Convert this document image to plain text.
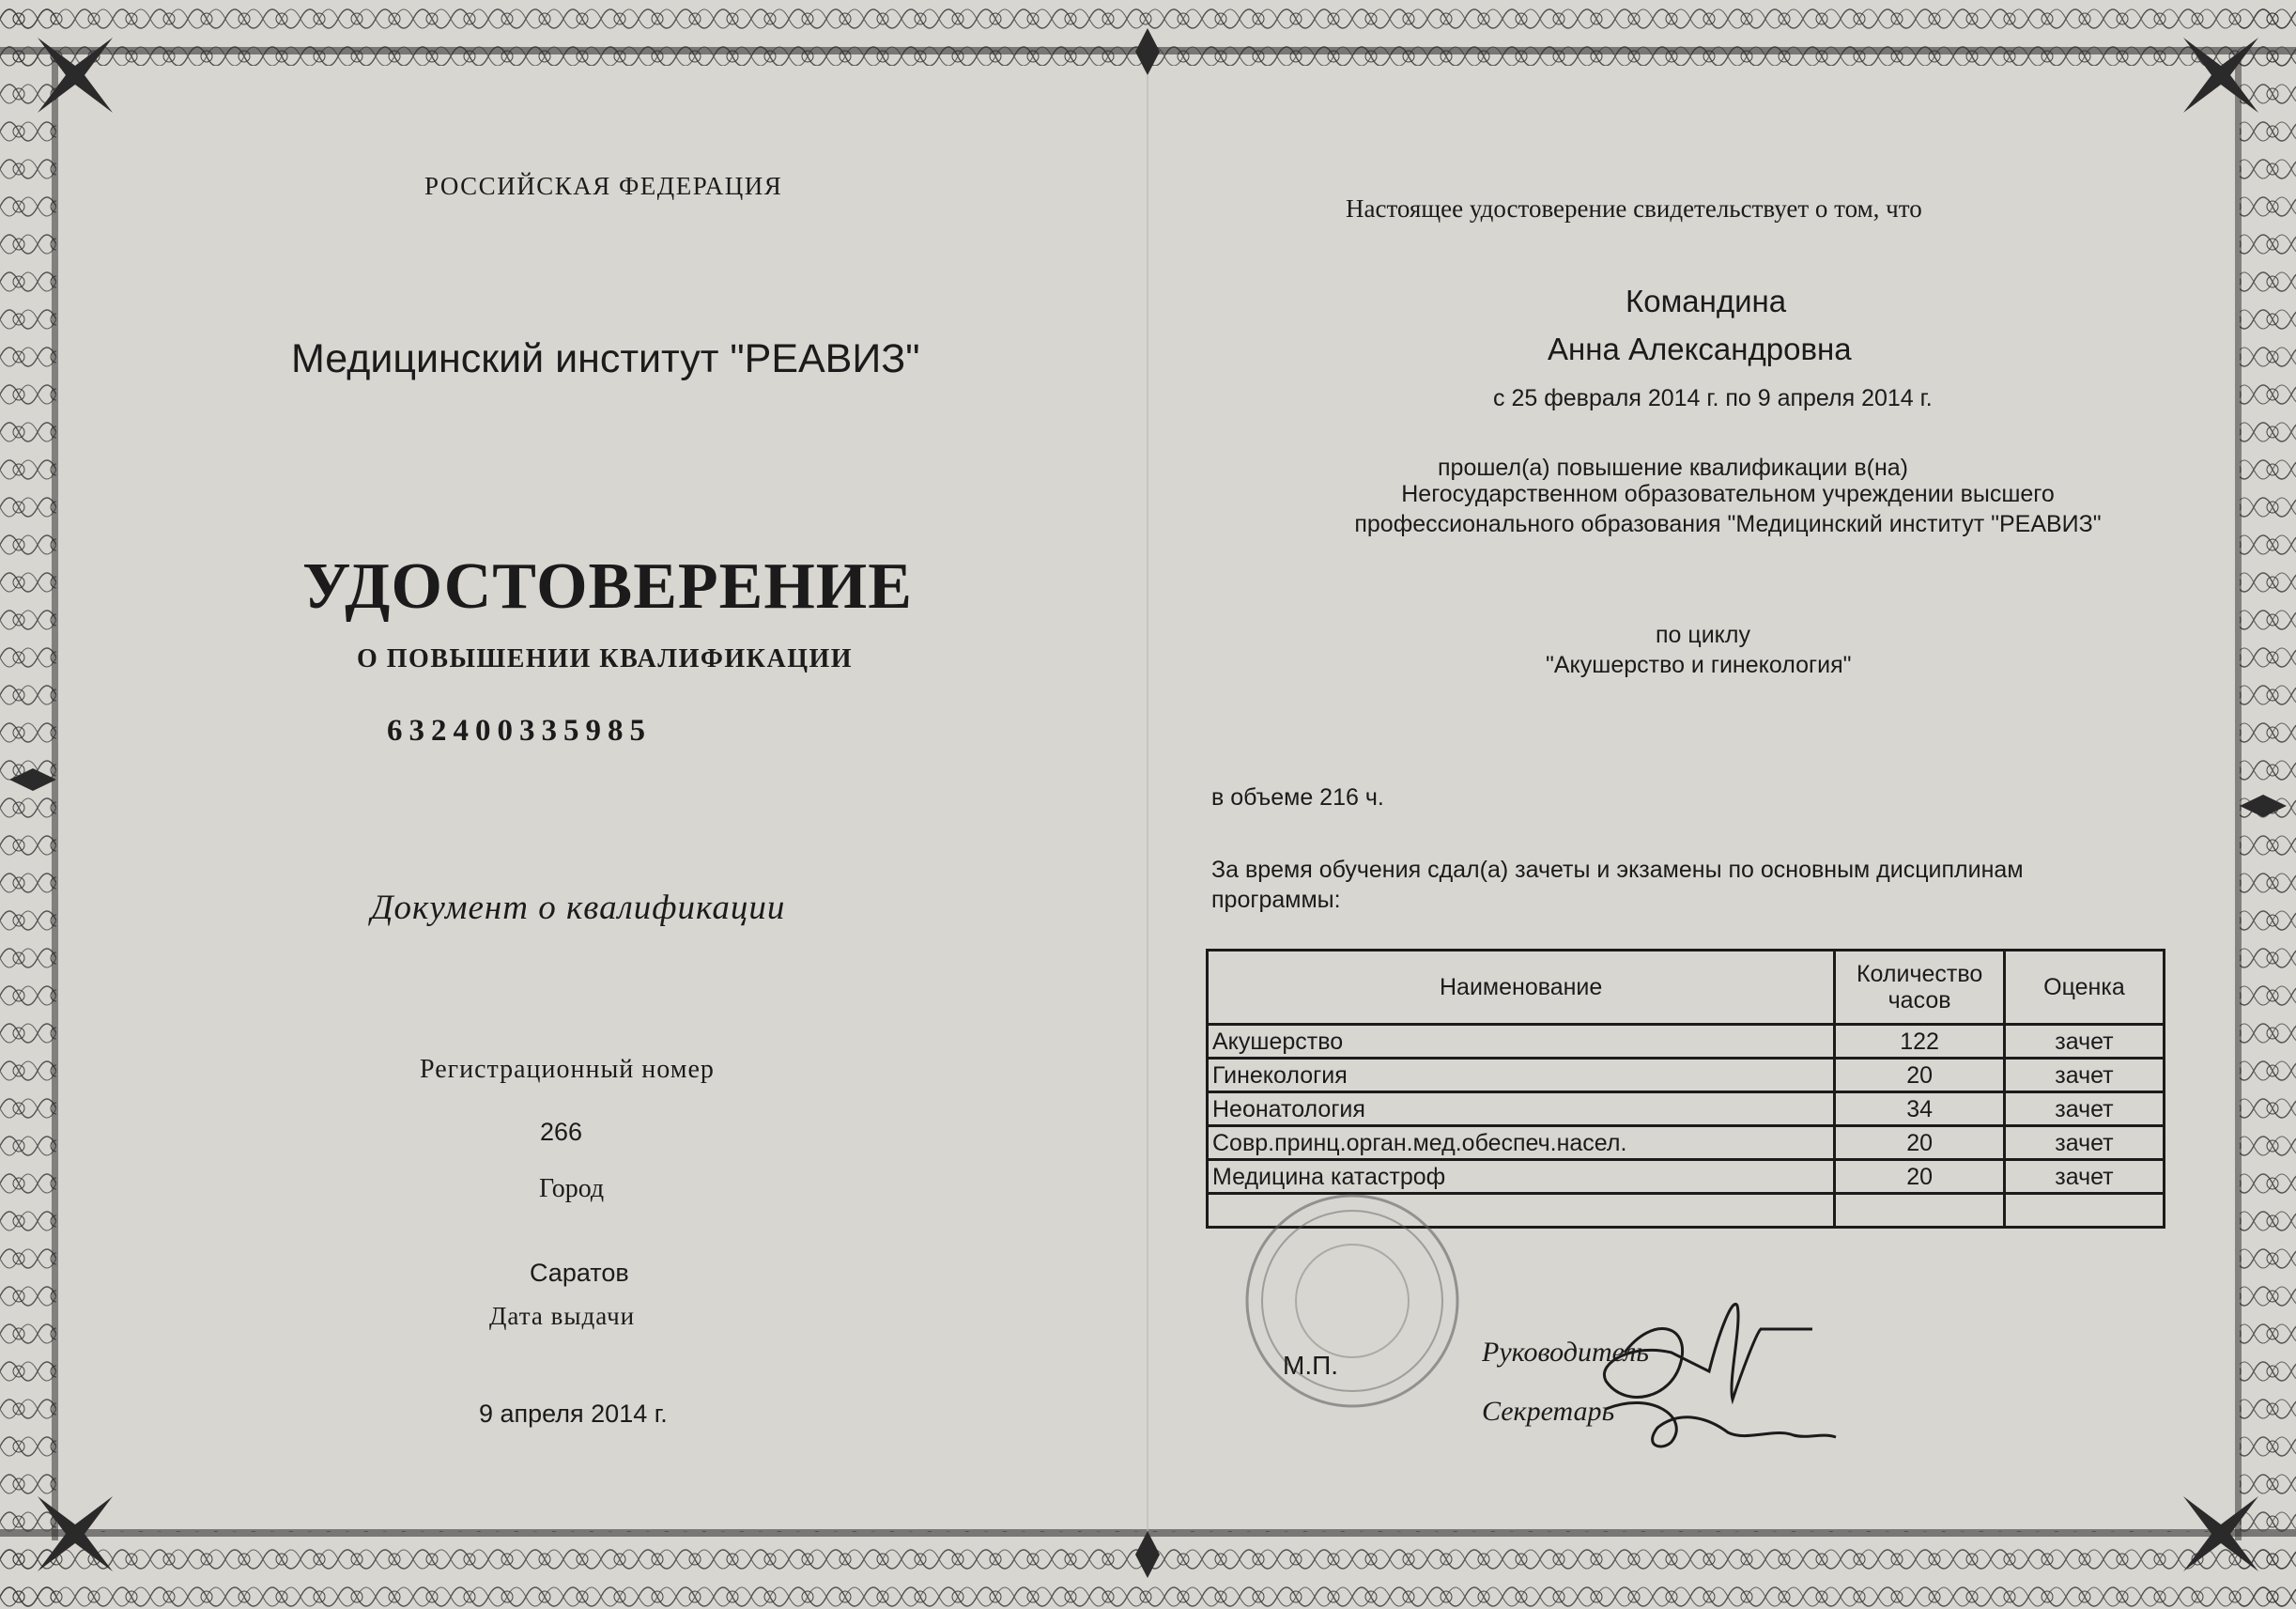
РОССИЙСКАЯ ФЕДЕРАЦИЯ
Медицинский институт "РЕАВИЗ"
УДОСТОВЕРЕНИЕ
О ПОВЫШЕНИИ КВАЛИФИКАЦИИ
632400335985
Документ о квалификации
Регистрационный номер
266
Город
Саратов
Дата выдачи
9 апреля 2014 г.
Настоящее удостоверение свидетельствует о том, что
Командина
Анна Александровна
с 25 февраля 2014 г. по 9 апреля 2014 г.
прошел(а) повышение квалификации в(на)
Негосударственном образовательном учреждении высшего профессионального образования "Медицинский институт "РЕАВИЗ"
по циклу
"Акушерство и гинекология"
в объеме 216 ч.
За время обучения сдал(а) зачеты и экзамены по основным дисциплинам программы:
Наименование	Количество часов	Оценка
Акушерство	122	зачет
Гинекология	20	зачет
Неонатология	34	зачет
Совр.принц.орган.мед.обеспеч.насел.	20	зачет
Медицина катастроф	20	зачет

М.П.	Руководитель
Секретарь
